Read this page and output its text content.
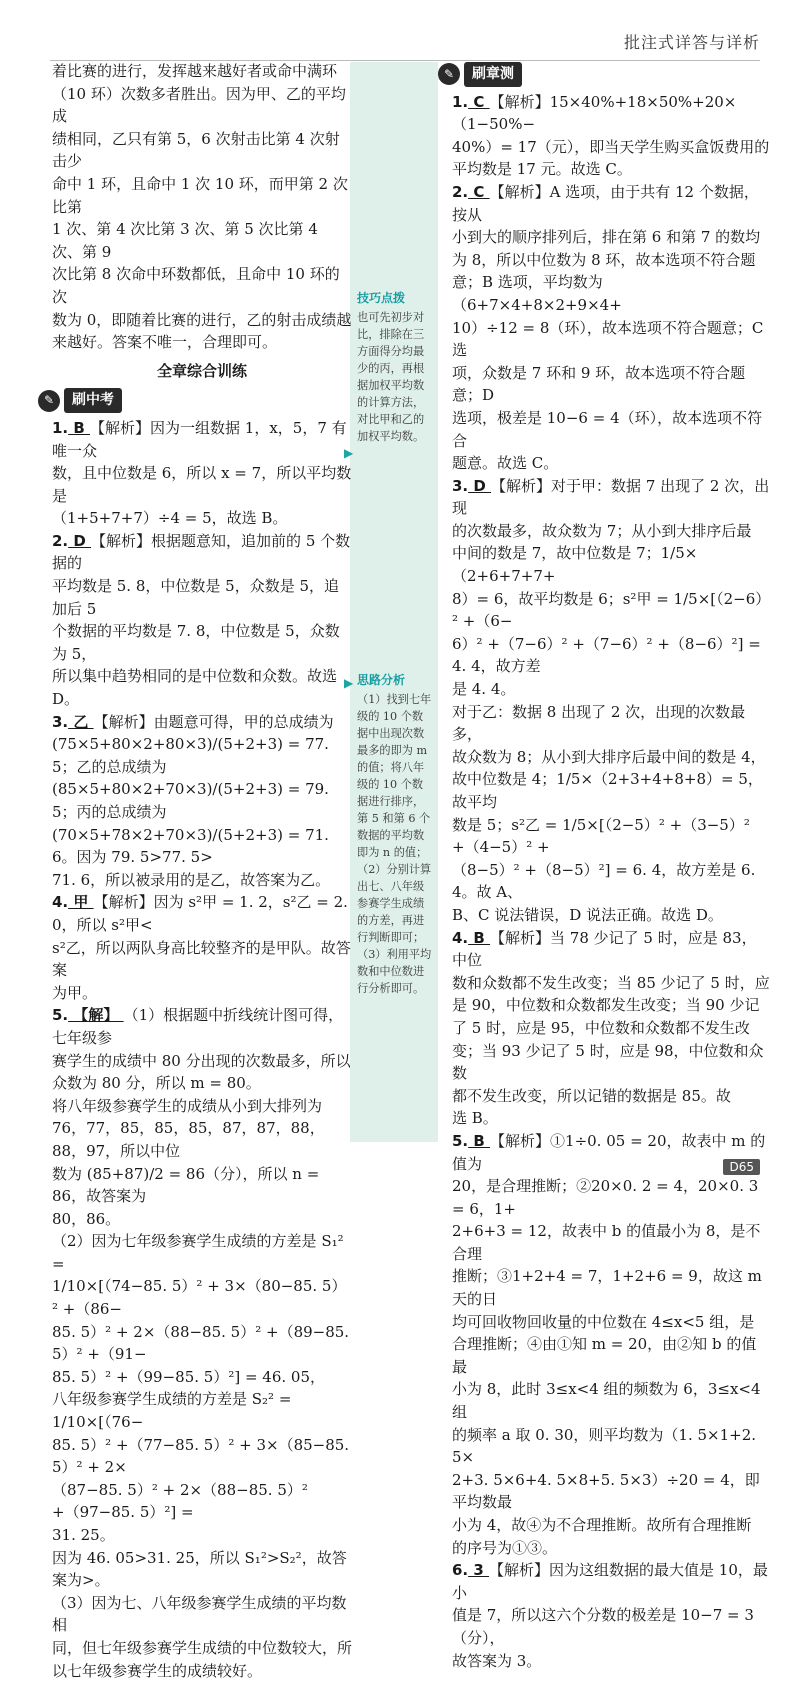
批注式详答与详析

着比赛的进行，发挥越来越好者或命中满环

（10 环）次数多者胜出。因为甲、乙的平均成

绩相同，乙只有第 5，6 次射击比第 4 次射击少

命中 1 环，且命中 1 次 10 环，而甲第 2 次比第

1 次、第 4 次比第 3 次、第 5 次比第 4 次、第 9

次比第 8 次命中环数都低，且命中 10 环的次

数为 0，即随着比赛的进行，乙的射击成绩越

来越好。答案不唯一，合理即可。

全章综合训练
✎	刷中考

1. B 【解析】因为一组数据 1，x，5，7 有唯一众

数，且中位数是 6，所以 x = 7，所以平均数是

（1+5+7+7）÷4 = 5，故选 B。

2. D 【解析】根据题意知，追加前的 5 个数据的

平均数是 5. 8，中位数是 5，众数是 5，追加后 5

个数据的平均数是 7. 8，中位数是 5，众数为 5，

所以集中趋势相同的是中位数和众数。故选 D。

3. 乙 【解析】由题意可得，甲的总成绩为

(75×5+80×2+80×3)/(5+2+3) = 77. 5；乙的总成绩为

(85×5+80×2+70×3)/(5+2+3) = 79. 5；丙的总成绩为

(70×5+78×2+70×3)/(5+2+3) = 71. 6。因为 79. 5>77. 5>

71. 6，所以被录用的是乙，故答案为乙。

4. 甲 【解析】因为 s²甲 = 1. 2，s²乙 = 2. 0，所以 s²甲<

s²乙，所以两队身高比较整齐的是甲队。故答案

为甲。

5. 【解】 （1）根据题中折线统计图可得，七年级参

赛学生的成绩中 80 分出现的次数最多，所以

众数为 80 分，所以 m = 80。

将八年级参赛学生的成绩从小到大排列为

76，77，85，85，85，87，87，88，88，97，所以中位

数为 (85+87)/2 = 86（分），所以 n = 86，故答案为

80，86。

（2）因为七年级参赛学生成绩的方差是 S₁² =

1/10×[（74−85. 5）² + 3×（80−85. 5）² +（86−

85. 5）² + 2×（88−85. 5）² +（89−85. 5）² +（91−

85. 5）² +（99−85. 5）²] = 46. 05，

八年级参赛学生成绩的方差是 S₂² = 1/10×[（76−

85. 5）² +（77−85. 5）² + 3×（85−85. 5）² + 2×

（87−85. 5）² + 2×（88−85. 5）² +（97−85. 5）²] =

31. 25。

因为 46. 05>31. 25，所以 S₁²>S₂²，故答案为>。

（3）因为七、八年级参赛学生成绩的平均数相

同，但七年级参赛学生成绩的中位数较大，所

以七年级参赛学生的成绩较好。

技巧点拨

也可先初步对

比，排除在三

方面得分均最

少的丙，再根

据加权平均数

的计算方法，

对比甲和乙的

加权平均数。

▶
思路分析

（1）找到七年

级的 10 个数

据中出现次数

最多的即为 m

的值；将八年

级的 10 个数

据进行排序，

第 5 和第 6 个

数据的平均数

即为 n 的值；

（2）分别计算

出七、八年级

参赛学生成绩

的方差，再进

行判断即可；

（3）利用平均

数和中位数进

行分析即可。

▶
✎	刷章测

1. C 【解析】15×40%+18×50%+20×（1−50%−

40%）= 17（元），即当天学生购买盒饭费用的

平均数是 17 元。故选 C。

2. C 【解析】A 选项，由于共有 12 个数据，按从

小到大的顺序排列后，排在第 6 和第 7 的数均

为 8，所以中位数为 8 环，故本选项不符合题

意；B 选项，平均数为（6+7×4+8×2+9×4+

10）÷12 = 8（环），故本选项不符合题意；C 选

项，众数是 7 环和 9 环，故本选项不符合题意；D

选项，极差是 10−6 = 4（环），故本选项不符合

题意。故选 C。

3. D 【解析】对于甲：数据 7 出现了 2 次，出现

的次数最多，故众数为 7；从小到大排序后最

中间的数是 7，故中位数是 7；1/5×（2+6+7+7+

8）= 6，故平均数是 6；s²甲 = 1/5×[（2−6）² +（6−

6）² +（7−6）² +（7−6）² +（8−6）²] = 4. 4，故方差

是 4. 4。

对于乙：数据 8 出现了 2 次，出现的次数最多，

故众数为 8；从小到大排序后最中间的数是 4，

故中位数是 4；1/5×（2+3+4+8+8）= 5，故平均

数是 5；s²乙 = 1/5×[（2−5）² +（3−5）² +（4−5）² +

（8−5）² +（8−5）²] = 6. 4，故方差是 6. 4。故 A、

B、C 说法错误，D 说法正确。故选 D。

4. B 【解析】当 78 少记了 5 时，应是 83，中位

数和众数都不发生改变；当 85 少记了 5 时，应

是 90，中位数和众数都发生改变；当 90 少记

了 5 时，应是 95，中位数和众数都不发生改

变；当 93 少记了 5 时，应是 98，中位数和众数

都不发生改变，所以记错的数据是 85。故

选 B。

5. B 【解析】①1÷0. 05 = 20，故表中 m 的值为

20，是合理推断；②20×0. 2 = 4，20×0. 3 = 6，1+

2+6+3 = 12，故表中 b 的值最小为 8，是不合理

推断；③1+2+4 = 7，1+2+6 = 9，故这 m 天的日

均可回收物回收量的中位数在 4≤x<5 组，是

合理推断；④由①知 m = 20，由②知 b 的值最

小为 8，此时 3≤x<4 组的频数为 6，3≤x<4 组

的频率 a 取 0. 30，则平均数为（1. 5×1+2. 5×

2+3. 5×6+4. 5×8+5. 5×3）÷20 = 4，即平均数最

小为 4，故④为不合理推断。故所有合理推断

的序号为①③。

6. 3 【解析】因为这组数据的最大值是 10，最小

值是 7，所以这六个分数的极差是 10−7 = 3（分），

故答案为 3。

D65
